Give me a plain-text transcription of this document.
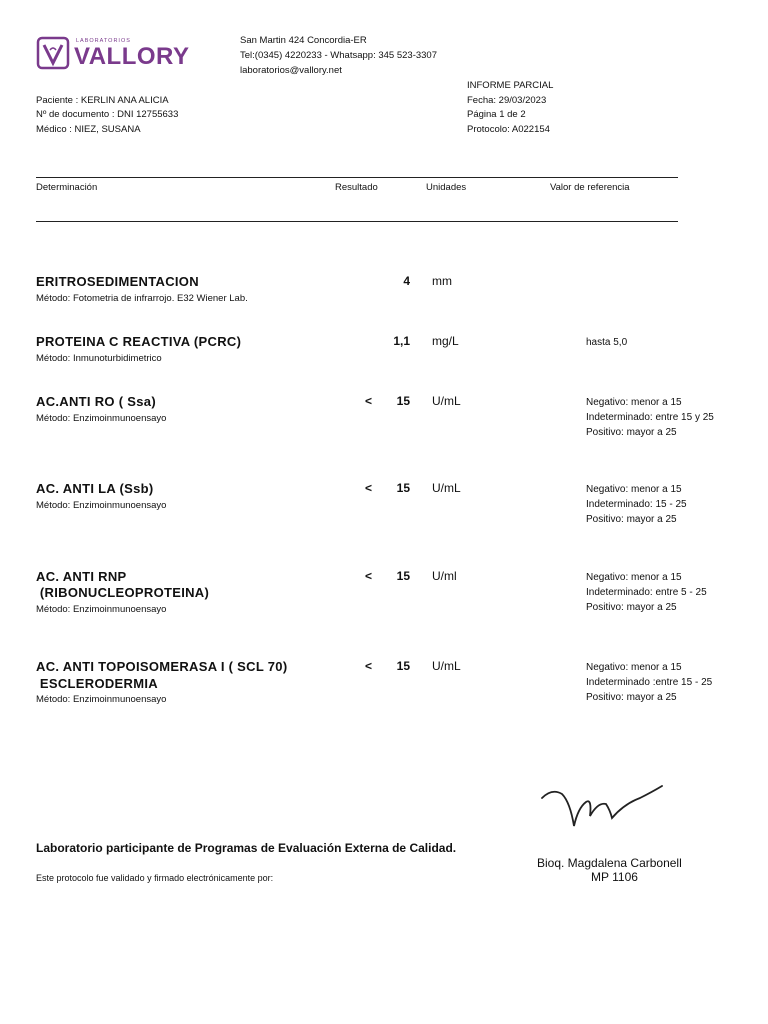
LABORATORIOS
VALLORY
San Martin 424 Concordia-ER
Tel:(0345) 4220233 - Whatsapp: 345 523-3307
laboratorios@vallory.net
INFORME PARCIAL
Fecha: 29/03/2023
Página 1 de 2
Protocolo: A022154
Paciente : KERLIN ANA ALICIA
Nº de documento : DNI 12755633
Médico : NIEZ, SUSANA
Determinación	Resultado	Unidades	Valor de referencia
ERITROSEDIMENTACION
Método: Fotometria de infrarrojo. E32 Wiener Lab.
4 mm
PROTEINA C REACTIVA (PCRC)
Método: Inmunoturbidimetrico
1,1 mg/L	hasta 5,0
AC.ANTI RO ( Ssa)
Método: Enzimoinmunoensayo
<	15 U/mL	Negativo: menor a 15
Indeterminado: entre 15 y 25
Positivo: mayor a 25
AC. ANTI LA (Ssb)
Método: Enzimoinmunoensayo
<	15 U/mL	Negativo: menor a 15
Indeterminado: 15 - 25
Positivo: mayor a 25
AC. ANTI RNP
(RIBONUCLEOPROTEINA)
Método: Enzimoinmunoensayo
<	15 U/ml	Negativo: menor a 15
Indeterminado: entre 5 - 25
Positivo: mayor a 25
AC. ANTI TOPOISOMERASA I ( SCL 70)
ESCLERODERMIA
Método: Enzimoinmunoensayo
<	15 U/mL	Negativo: menor a 15
Indeterminado :entre 15 - 25
Positivo: mayor a 25
Laboratorio participante de Programas de Evaluación Externa de Calidad.
Este protocolo fue validado y firmado electrónicamente por:
Bioq. Magdalena Carbonell
MP 1106
